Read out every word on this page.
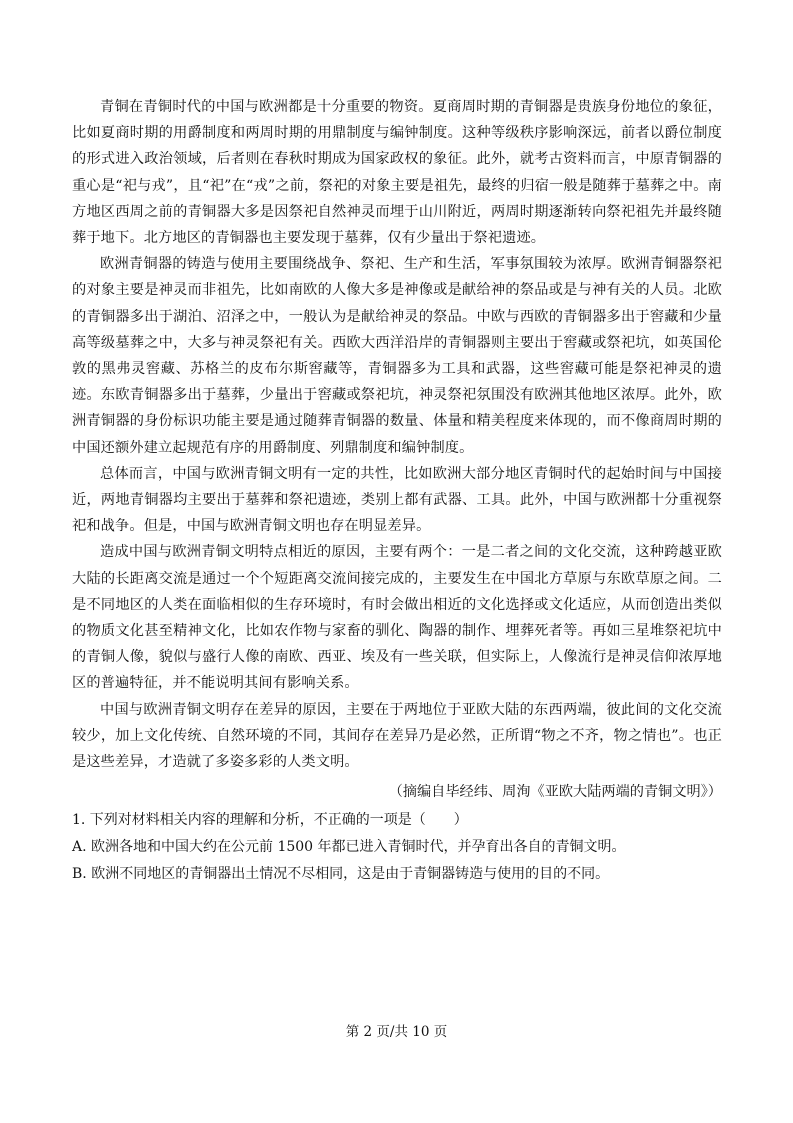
青铜在青铜时代的中国与欧洲都是十分重要的物资。夏商周时期的青铜器是贵族身份地位的象征，比如夏商时期的用爵制度和两周时期的用鼎制度与编钟制度。这种等级秩序影响深远，前者以爵位制度的形式进入政治领域，后者则在春秋时期成为国家政权的象征。此外，就考古资料而言，中原青铜器的重心是“祀与戎”，且“祀”在“戎”之前，祭祀的对象主要是祖先，最终的归宿一般是随葬于墓葬之中。南方地区西周之前的青铜器大多是因祭祀自然神灵而埋于山川附近，两周时期逐渐转向祭祀祖先并最终随葬于地下。北方地区的青铜器也主要发现于墓葬，仅有少量出于祭祀遗迹。

欧洲青铜器的铸造与使用主要围绕战争、祭祀、生产和生活，军事氛围较为浓厚。欧洲青铜器祭祀的对象主要是神灵而非祖先，比如南欧的人像大多是神像或是献给神的祭品或是与神有关的人员。北欧的青铜器多出于湖泊、沼泽之中，一般认为是献给神灵的祭品。中欧与西欧的青铜器多出于窖藏和少量高等级墓葬之中，大多与神灵祭祀有关。西欧大西洋沿岸的青铜器则主要出于窖藏或祭祀坑，如英国伦敦的黑弗灵窖藏、苏格兰的皮布尔斯窖藏等，青铜器多为工具和武器，这些窖藏可能是祭祀神灵的遗迹。东欧青铜器多出于墓葬，少量出于窖藏或祭祀坑，神灵祭祀氛围没有欧洲其他地区浓厚。此外，欧洲青铜器的身份标识功能主要是通过随葬青铜器的数量、体量和精美程度来体现的，而不像商周时期的中国还额外建立起规范有序的用爵制度、列鼎制度和编钟制度。

总体而言，中国与欧洲青铜文明有一定的共性，比如欧洲大部分地区青铜时代的起始时间与中国接近，两地青铜器均主要出于墓葬和祭祀遗迹，类别上都有武器、工具。此外，中国与欧洲都十分重视祭祀和战争。但是，中国与欧洲青铜文明也存在明显差异。

造成中国与欧洲青铜文明特点相近的原因，主要有两个：一是二者之间的文化交流，这种跨越亚欧大陆的长距离交流是通过一个个短距离交流间接完成的，主要发生在中国北方草原与东欧草原之间。二是不同地区的人类在面临相似的生存环境时，有时会做出相近的文化选择或文化适应，从而创造出类似的物质文化甚至精神文化，比如农作物与家畜的驯化、陶器的制作、埋葬死者等。再如三星堆祭祀坑中的青铜人像，貌似与盛行人像的南欧、西亚、埃及有一些关联，但实际上，人像流行是神灵信仰浓厚地区的普遍特征，并不能说明其间有影响关系。

中国与欧洲青铜文明存在差异的原因，主要在于两地位于亚欧大陆的东西两端，彼此间的文化交流较少，加上文化传统、自然环境的不同，其间存在差异乃是必然，正所谓“物之不齐，物之情也”。也正是这些差异，才造就了多姿多彩的人类文明。

（摘编自毕经纬、周洵《亚欧大陆两端的青铜文明》）

1. 下列对材料相关内容的理解和分析，不正确的一项是（　　）

A. 欧洲各地和中国大约在公元前 1500 年都已进入青铜时代，并孕育出各自的青铜文明。

B. 欧洲不同地区的青铜器出土情况不尽相同，这是由于青铜器铸造与使用的目的不同。

第 2 页/共 10 页
